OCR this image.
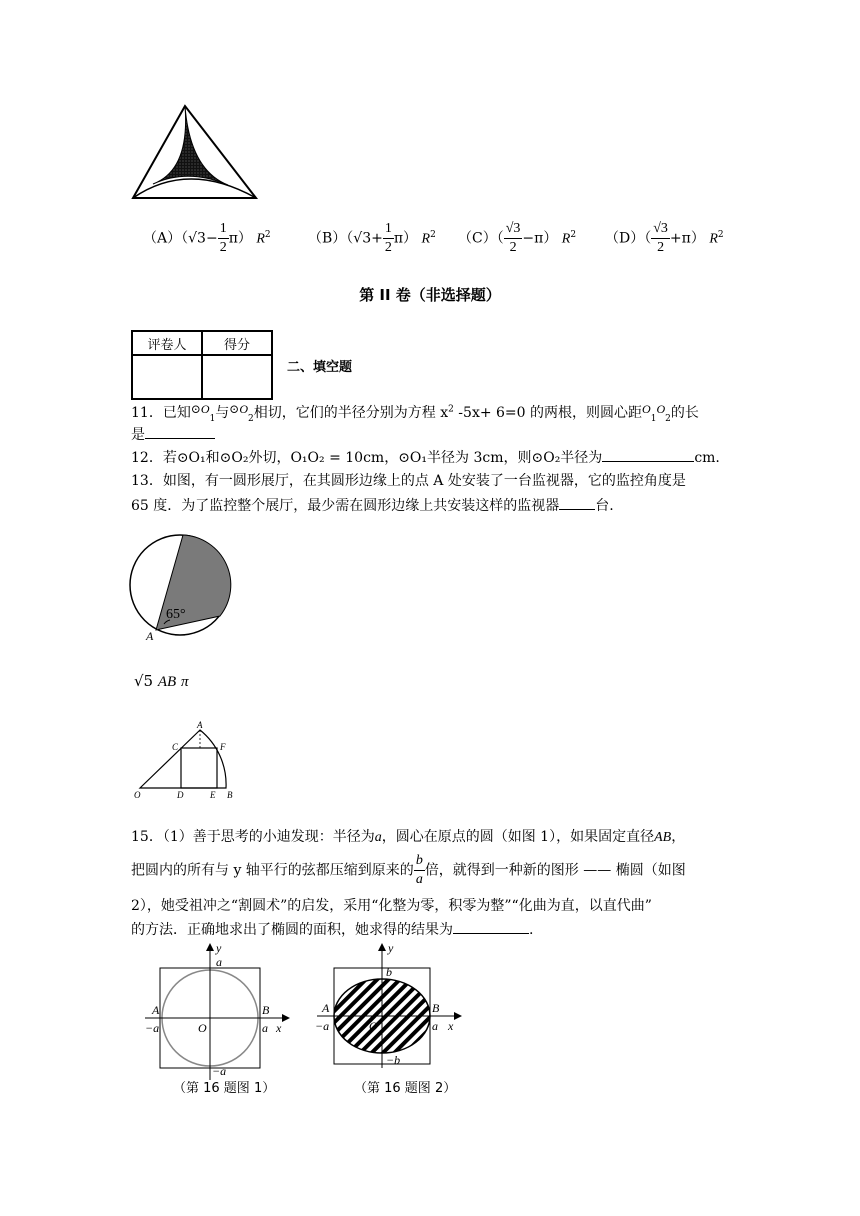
$(A)(√3- \frac{1}{2} \pi)$ $R^2$	$(B)(√3+ \frac{1}{2} \pi)$ $R^2$ $(C)( \frac{√3}{2} -\pi)$ $R^2$ $(D)( \frac{√3}{2} +\pi)$ $R^2$
第 II 卷（非选择题）
评卷人	得分

二、填空题
11．已知$⊙O_1$与$⊙O_2$相切，它们的半径分别为方程 $x^2$ -5x+ 6=0 的两根，则圆心距$O_1O_2$的长
是
12．若⊙O₁和⊙O₂外切，O₁O₂ = 10cm，⊙O₁半径为 3cm，则⊙O₂半径为	cm.
13．如图，有一圆形展厅，在其圆形边缘上的点 A 处安装了一台监视器，它的监控角度是
65 度．为了监控整个展厅，最少需在圆形边缘上共安装这样的监视器	台.
65°
A
√5 AB π
A
C	F
O	D	E B
15．（1）善于思考的小迪发现：半径为a，圆心在原点的圆（如图 1），如果固定直径AB，
把圆内的所有与 y 轴平行的弦都压缩到原来的 $\frac{b}{a}$ 倍，就得到一种新的图形 —— 椭圆（如图
2），她受祖冲之“割圆术”的启发，采用“化整为零，积零为整”“化曲为直，以直代曲”
的方法．正确地求出了椭圆的面积，她求得的结果为	.
y
a
A
−a	O
B
a x
−a
（第 16 题图 1）
y
b
A
−a	O
B
a x
−b
（第 16 题图 2）
